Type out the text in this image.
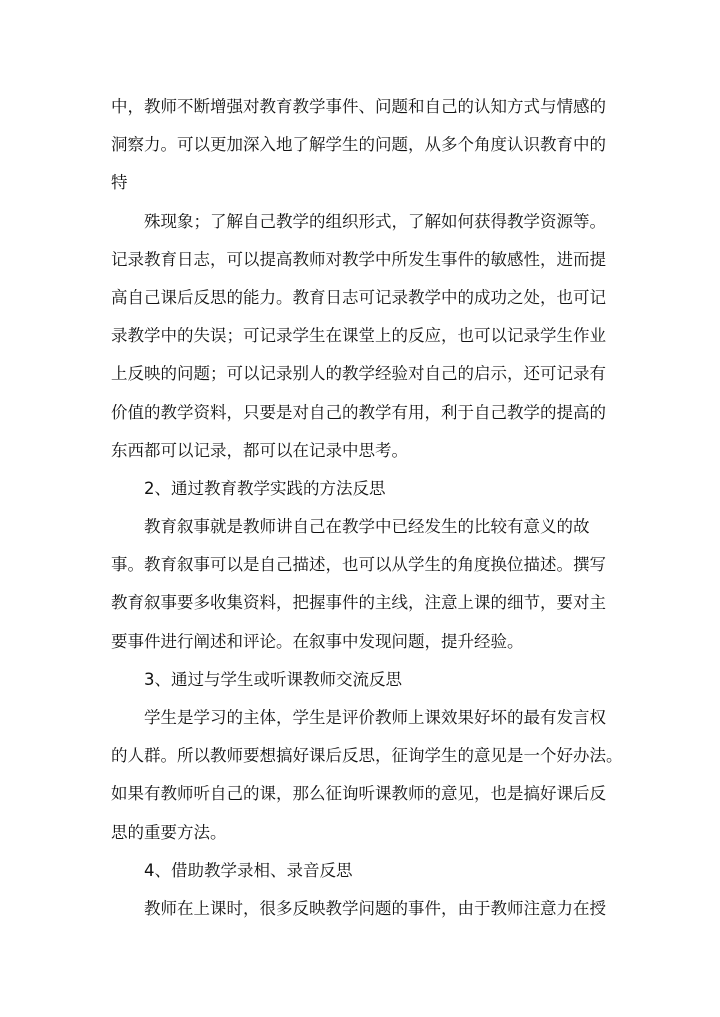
中，教师不断增强对教育教学事件、问题和自己的认知方式与情感的
洞察力。可以更加深入地了解学生的问题，从多个角度认识教育中的
特
殊现象；了解自己教学的组织形式，了解如何获得教学资源等。
记录教育日志，可以提高教师对教学中所发生事件的敏感性，进而提
高自己课后反思的能力。教育日志可记录教学中的成功之处，也可记
录教学中的失误；可记录学生在课堂上的反应，也可以记录学生作业
上反映的问题；可以记录别人的教学经验对自己的启示，还可记录有
价值的教学资料，只要是对自己的教学有用，利于自己教学的提高的
东西都可以记录，都可以在记录中思考。
2、通过教育教学实践的方法反思
教育叙事就是教师讲自己在教学中已经发生的比较有意义的故
事。教育叙事可以是自己描述，也可以从学生的角度换位描述。撰写
教育叙事要多收集资料，把握事件的主线，注意上课的细节，要对主
要事件进行阐述和评论。在叙事中发现问题，提升经验。
3、通过与学生或听课教师交流反思
学生是学习的主体，学生是评价教师上课效果好坏的最有发言权
的人群。所以教师要想搞好课后反思，征询学生的意见是一个好办法。
如果有教师听自己的课，那么征询听课教师的意见，也是搞好课后反
思的重要方法。
4、借助教学录相、录音反思
教师在上课时，很多反映教学问题的事件，由于教师注意力在授
